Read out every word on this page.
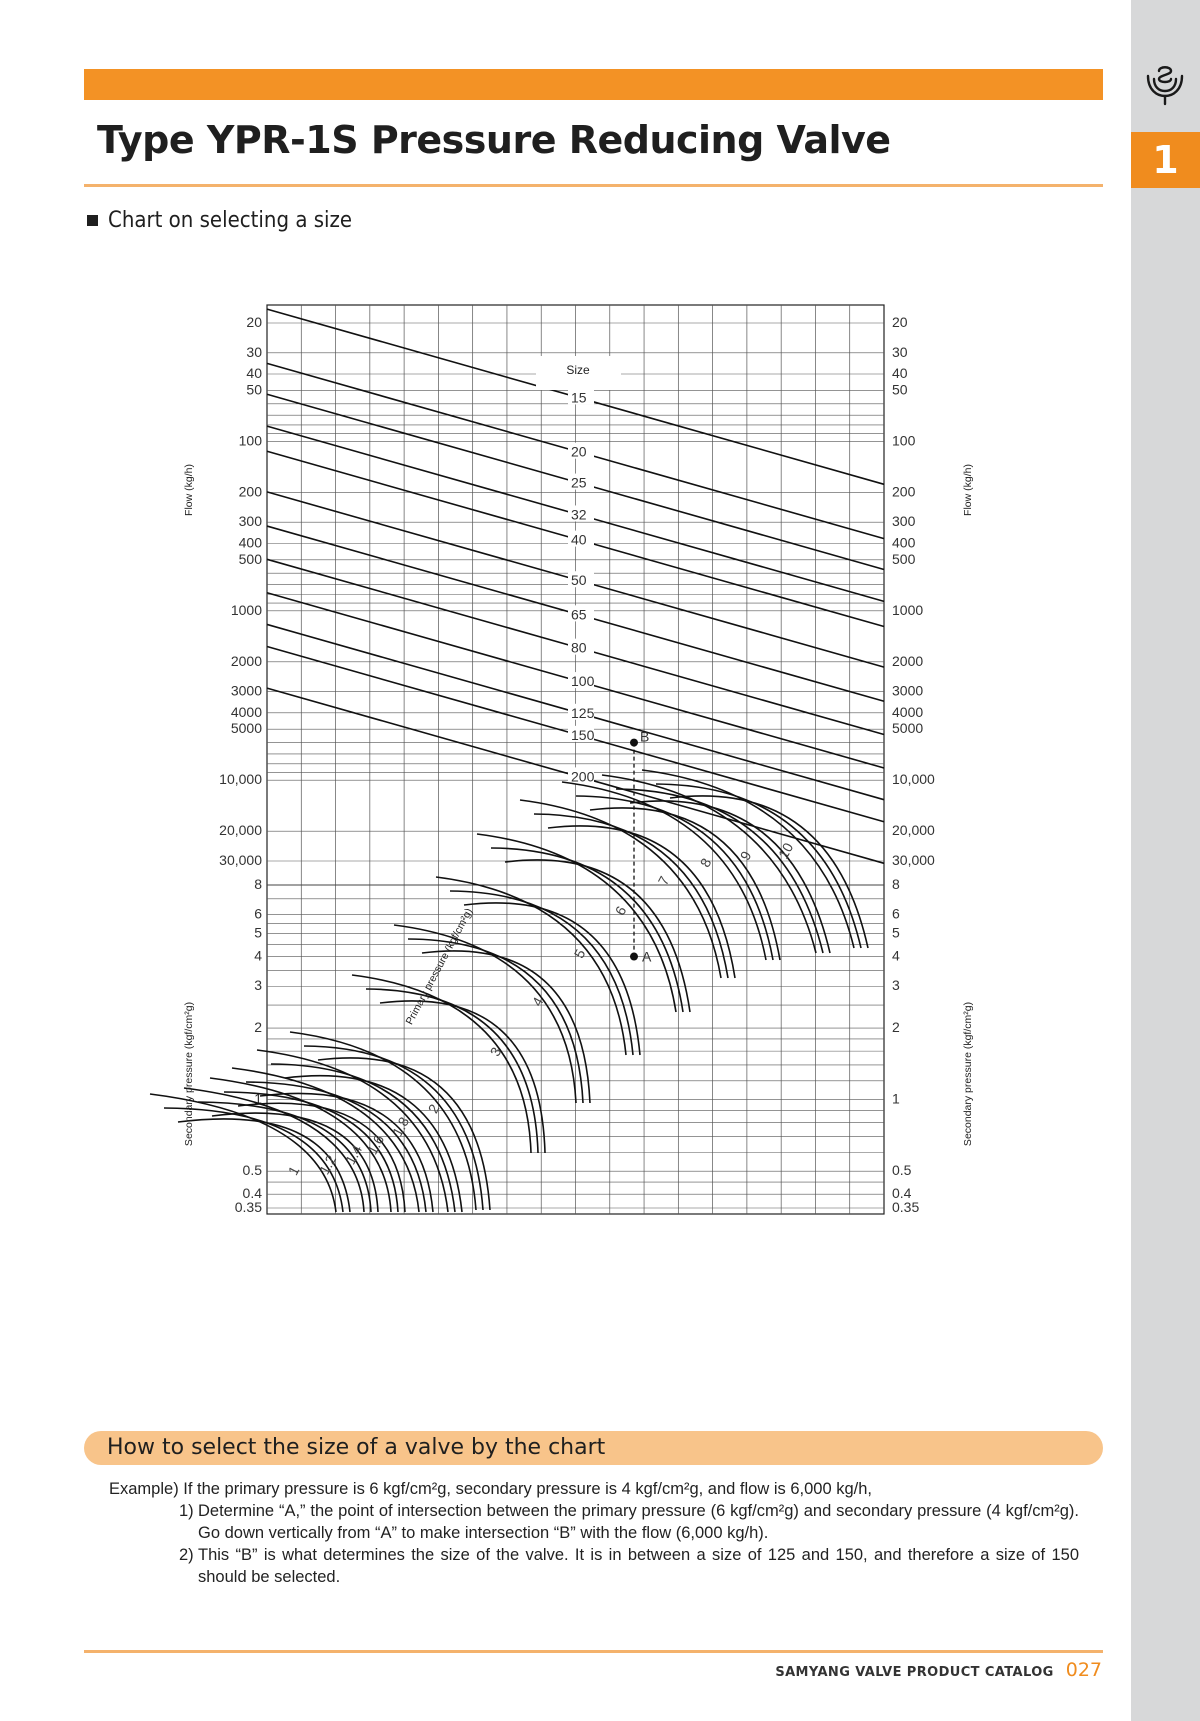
1
Type YPR-1S Pressure Reducing Valve
Chart on selecting a size
20	20
30	30
40	40
50	50
100	100
200	200
300	300
400	400
500	500
1000	1000
2000	2000
3000	3000
4000	4000
5000	5000
10,000	10,000
20,000	20,000
30,000	30,000
8	8
6	6
5	5
4	4
3	3
2	2
1	1
0.5	0.5
0.4	0.4
0.35	0.35
Size
15
20
25
32
40
50
65
80
100
125
150
200
1 1.2 1.4
1.6
1.8
2
3
4
5
6
7
8 9 10
A
B
Flow (kg/h)	Flow (kg/h)
Secondary pressure (kgf/cm²g)	Secondary pressure (kgf/cm²g)
Primary pressure (kgf/cm²g)
How to select the size of a valve by the chart

Example) If the primary pressure is 6 kgf/cm²g, secondary pressure is 4 kgf/cm²g, and flow is 6,000 kg/h,

1) Determine “A,” the point of intersection between the primary pressure (6 kgf/cm²g) and secondary pressure (4 kgf/cm²g). Go down vertically from “A” to make intersection “B” with the flow (6,000 kg/h).
2) This “B” is what determines the size of the valve. It is in between a size of 125 and 150, and therefore a size of 150 should be selected.
SAMYANG VALVE PRODUCT CATALOG 027
